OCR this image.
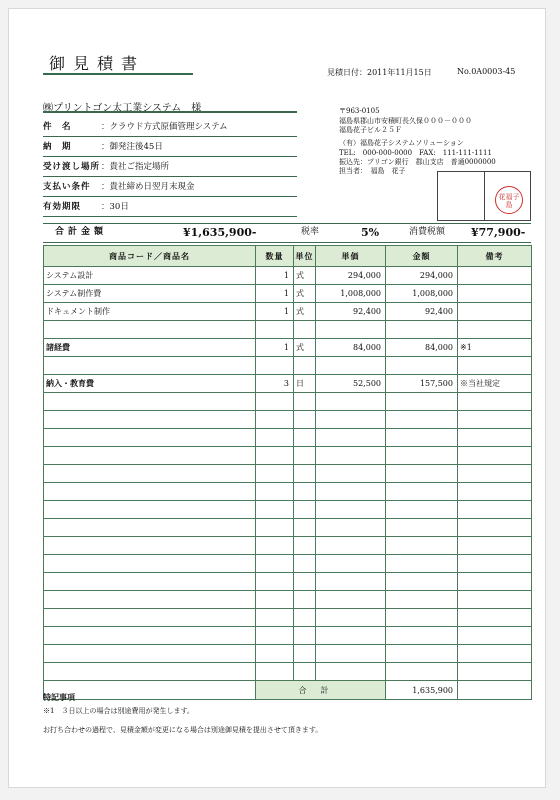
御見積書	見積日付：2011年11月15日	No.0A0003-45
㈱プリントゴン太工業システム　様
件　名	：クラウド方式原価管理システム
納　期	：御発注後45日
受け渡し場所：貴社ご指定場所
支払い条件 ：貴社締め日翌月末現金
有効期限 ：30日
〒963-0105
福島県郡山市安積町長久保０００－０００
福島花子ビル２５Ｆ
（有）福島花子システムソリューション
TEL:　000-000-0000　FAX:　111-111-1111
振込先：プリゴン銀行　郡山支店　普通0000000
担当者：　福島　花子
花福子島
合計金額	¥1,635,900-	税率	5%	消費税額 ¥77,900-
商品コード／商品名	数量	単位	単価	金額	備考
システム設計	1	式	294,000	294,000	
システム制作費	1	式	1,008,000	1,008,000	
ドキュメント制作	1	式	92,400	92,400	

諸経費	1	式	84,000	84,000	※1

納入・教育費	3	日	52,500	157,500	※当社規定

	合計			1,635,900	
特記事項
※1　３日以上の場合は別途費用が発生します。
お打ち合わせの過程で、見積金額が変更になる場合は別途御見積を提出させて頂きます。
